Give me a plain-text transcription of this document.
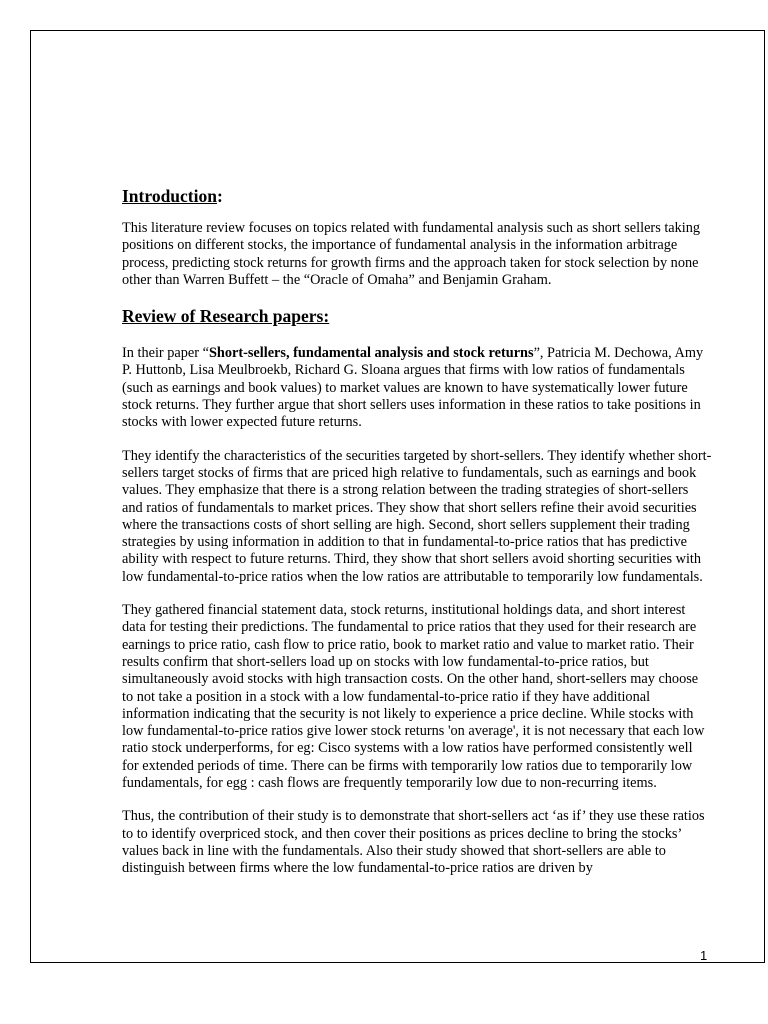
Introduction:

This literature review focuses on topics related with fundamental analysis such as short sellers taking positions on different stocks, the importance of fundamental analysis in the information arbitrage process, predicting stock returns for growth firms and the approach taken for stock selection by none other than Warren Buffett – the “Oracle of Omaha” and Benjamin Graham.

Review of Research papers:

In their paper “Short-sellers, fundamental analysis and stock returns”, Patricia M. Dechowa, Amy P. Huttonb, Lisa Meulbroekb, Richard G. Sloana argues that firms with low ratios of fundamentals (such as earnings and book values) to market values are known to have systematically lower future stock returns. They further argue that short sellers uses information in these ratios to take positions in stocks with lower expected future returns.

They identify the characteristics of the securities targeted by short-sellers. They identify whether short-sellers target stocks of firms that are priced high relative to fundamentals, such as earnings and book values. They emphasize that there is a strong relation between the trading strategies of short-sellers and ratios of fundamentals to market prices. They show that short sellers refine their avoid securities where the transactions costs of short selling are high. Second, short sellers supplement their trading strategies by using information in addition to that in fundamental-to-price ratios that has predictive ability with respect to future returns. Third, they show that short sellers avoid shorting securities with low fundamental-to-price ratios when the low ratios are attributable to temporarily low fundamentals.

They gathered financial statement data, stock returns, institutional holdings data, and short interest data for testing their predictions. The fundamental to price ratios that they used for their research are earnings to price ratio, cash flow to price ratio, book to market ratio and value to market ratio. Their results confirm that short-sellers load up on stocks with low fundamental-to-price ratios, but simultaneously avoid stocks with high transaction costs. On the other hand, short-sellers may choose to not take a position in a stock with a low fundamental-to-price ratio if they have additional information indicating that the security is not likely to experience a price decline. While stocks with low fundamental-to-price ratios give lower stock returns 'on average', it is not necessary that each low ratio stock underperforms, for eg: Cisco systems with a low ratios have performed consistently well for extended periods of time. There can be firms with temporarily low ratios due to temporarily low fundamentals, for egg : cash flows are frequently temporarily low due to non-recurring items.

Thus, the contribution of their study is to demonstrate that short-sellers act ‘as if’ they use these ratios to to identify overpriced stock, and then cover their positions as prices decline to bring the stocks’ values back in line with the fundamentals. Also their study showed that short-sellers are able to distinguish between firms where the low fundamental-to-price ratios are driven by

1
